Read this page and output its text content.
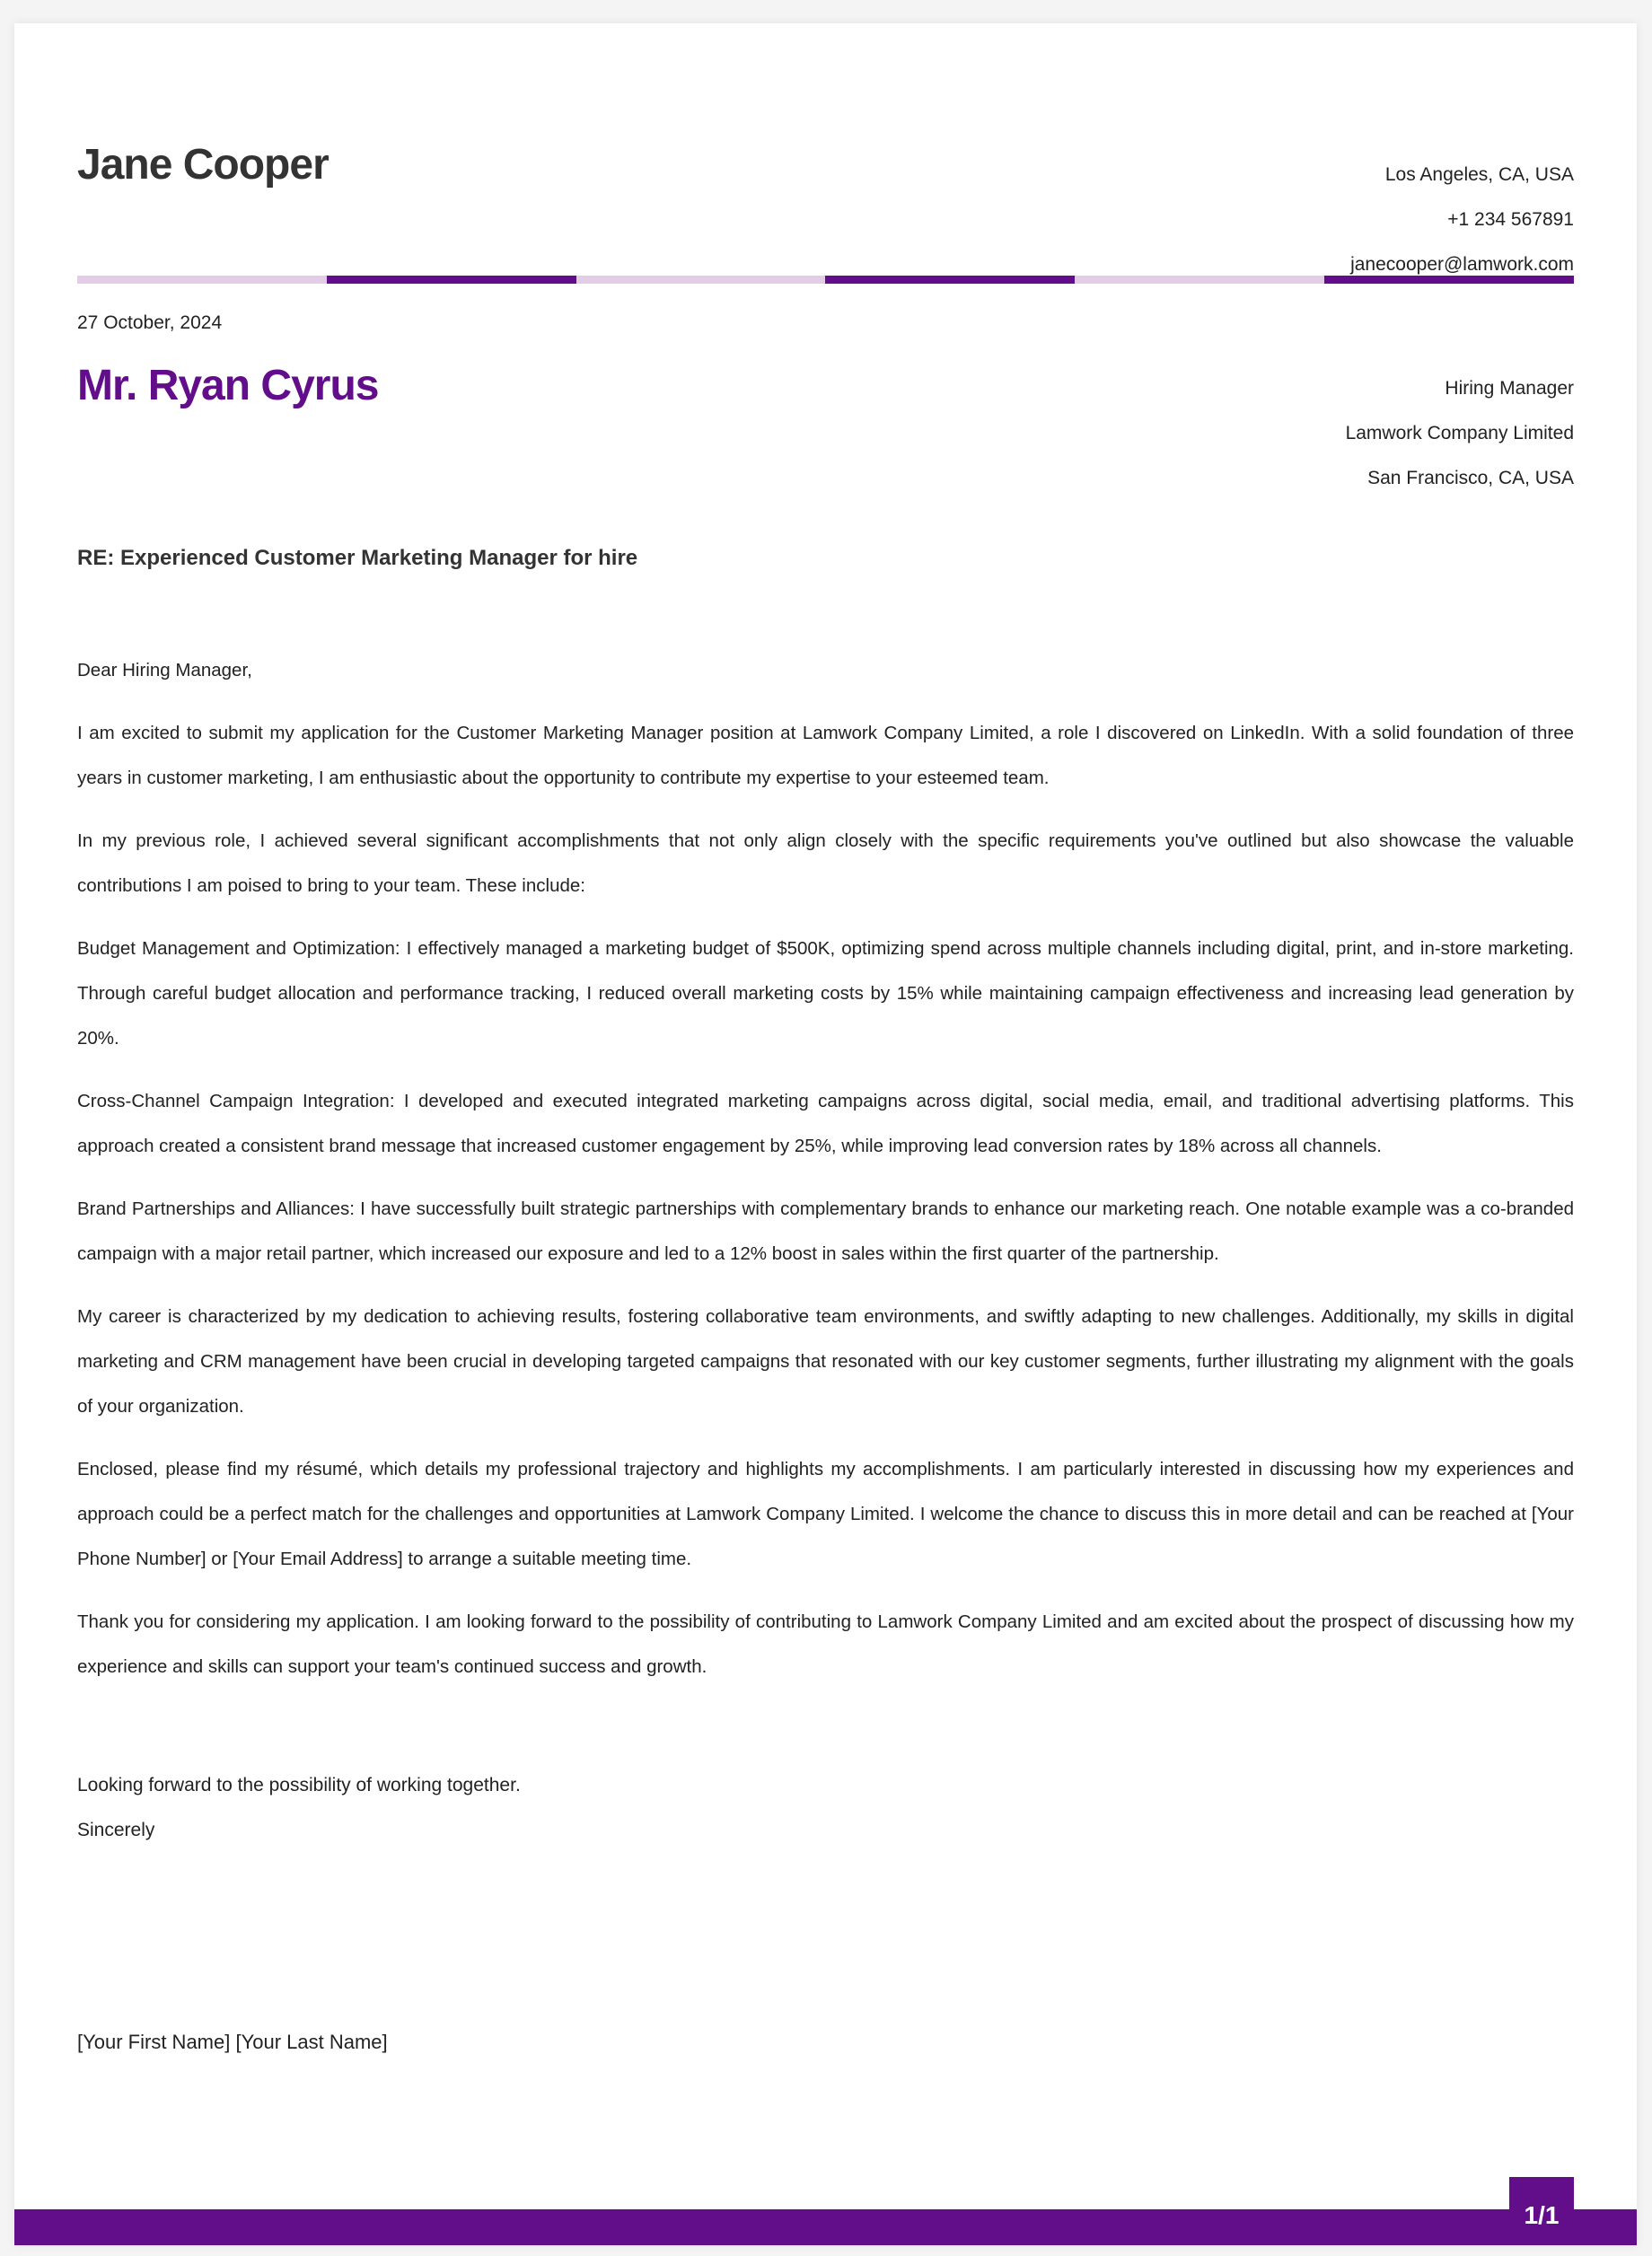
Jane Cooper	Los Angeles, CA, USA
+1 234 567891
janecooper@lamwork.com
27 October, 2024
Mr. Ryan Cyrus	Hiring Manager
Lamwork Company Limited
San Francisco, CA, USA
RE: Experienced Customer Marketing Manager for hire

Dear Hiring Manager,

I am excited to submit my application for the Customer Marketing Manager position at Lamwork Company Limited, a role I discovered on LinkedIn. With a solid foundation of three years in customer marketing, I am enthusiastic about the opportunity to contribute my expertise to your esteemed team.

In my previous role, I achieved several significant accomplishments that not only align closely with the specific requirements you've outlined but also showcase the valuable contributions I am poised to bring to your team. These include:

Budget Management and Optimization: I effectively managed a marketing budget of $500K, optimizing spend across multiple channels including digital, print, and in-store marketing. Through careful budget allocation and performance tracking, I reduced overall marketing costs by 15% while maintaining campaign effectiveness and increasing lead generation by 20%.

Cross-Channel Campaign Integration: I developed and executed integrated marketing campaigns across digital, social media, email, and traditional advertising platforms. This approach created a consistent brand message that increased customer engagement by 25%, while improving lead conversion rates by 18% across all channels.

Brand Partnerships and Alliances: I have successfully built strategic partnerships with complementary brands to enhance our marketing reach. One notable example was a co-branded campaign with a major retail partner, which increased our exposure and led to a 12% boost in sales within the first quarter of the partnership.

My career is characterized by my dedication to achieving results, fostering collaborative team environments, and swiftly adapting to new challenges. Additionally, my skills in digital marketing and CRM management have been crucial in developing targeted campaigns that resonated with our key customer segments, further illustrating my alignment with the goals of your organization.

Enclosed, please find my résumé, which details my professional trajectory and highlights my accomplishments. I am particularly interested in discussing how my experiences and approach could be a perfect match for the challenges and opportunities at Lamwork Company Limited. I welcome the chance to discuss this in more detail and can be reached at [Your Phone Number] or [Your Email Address] to arrange a suitable meeting time.

Thank you for considering my application. I am looking forward to the possibility of contributing to Lamwork Company Limited and am excited about the prospect of discussing how my experience and skills can support your team's continued success and growth.

Looking forward to the possibility of working together.
Sincerely
[Your First Name] [Your Last Name]
1/1
